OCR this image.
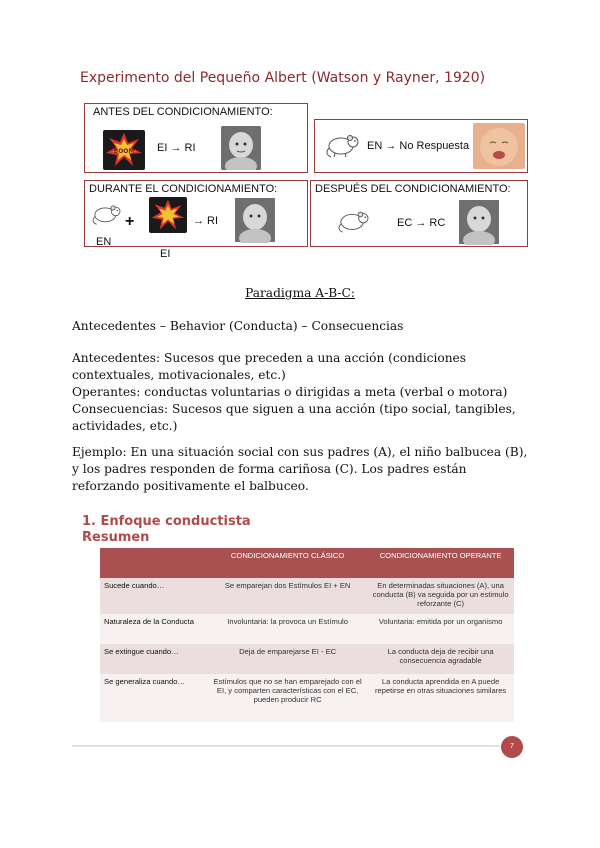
Experimento del Pequeño Albert (Watson y Rayner, 1920)
ANTES DEL CONDICIONAMIENTO:
BOOM EI → RI	EN → No Respuesta
DURANTE EL CONDICIONAMIENTO:
+	→ RI
EN
EI
DESPUÉS DEL CONDICIONAMIENTO:
EC → RC
Paradigma A-B-C:
Antecedentes – Behavior (Conducta) – Consecuencias
Antecedentes: Sucesos que preceden a una acción (condiciones contextuales, motivacionales, etc.)
Operantes: conductas voluntarias o dirigidas a meta (verbal o motora)
Consecuencias: Sucesos que siguen a una acción (tipo social, tangibles, actividades, etc.)
Ejemplo: En una situación social con sus padres (A), el niño balbucea (B), y los padres responden de forma cariñosa (C). Los padres están reforzando positivamente el balbuceo.
1. Enfoque conductista
Resumen
	CONDICIONAMIENTO CLÁSICO	CONDICIONAMIENTO OPERANTE
Sucede cuando…	Se emparejan dos Estímulos EI + EN	En determinadas situaciones (A), una conducta (B) va seguida por un estimulo reforzante (C)
Naturaleza de la Conducta	Involuntaria: la provoca un Estímulo	Voluntaria: emitida por un organismo
Se extingue cuando…	Deja de emparejarse EI - EC	La conducta deja de recibir una consecuencia agradable
Se generaliza cuando…	Estímulos que no se han emparejado con el EI, y comparten características con el EC, pueden producir RC	La conducta aprendida en A puede repetirse en otras situaciones similares
7
